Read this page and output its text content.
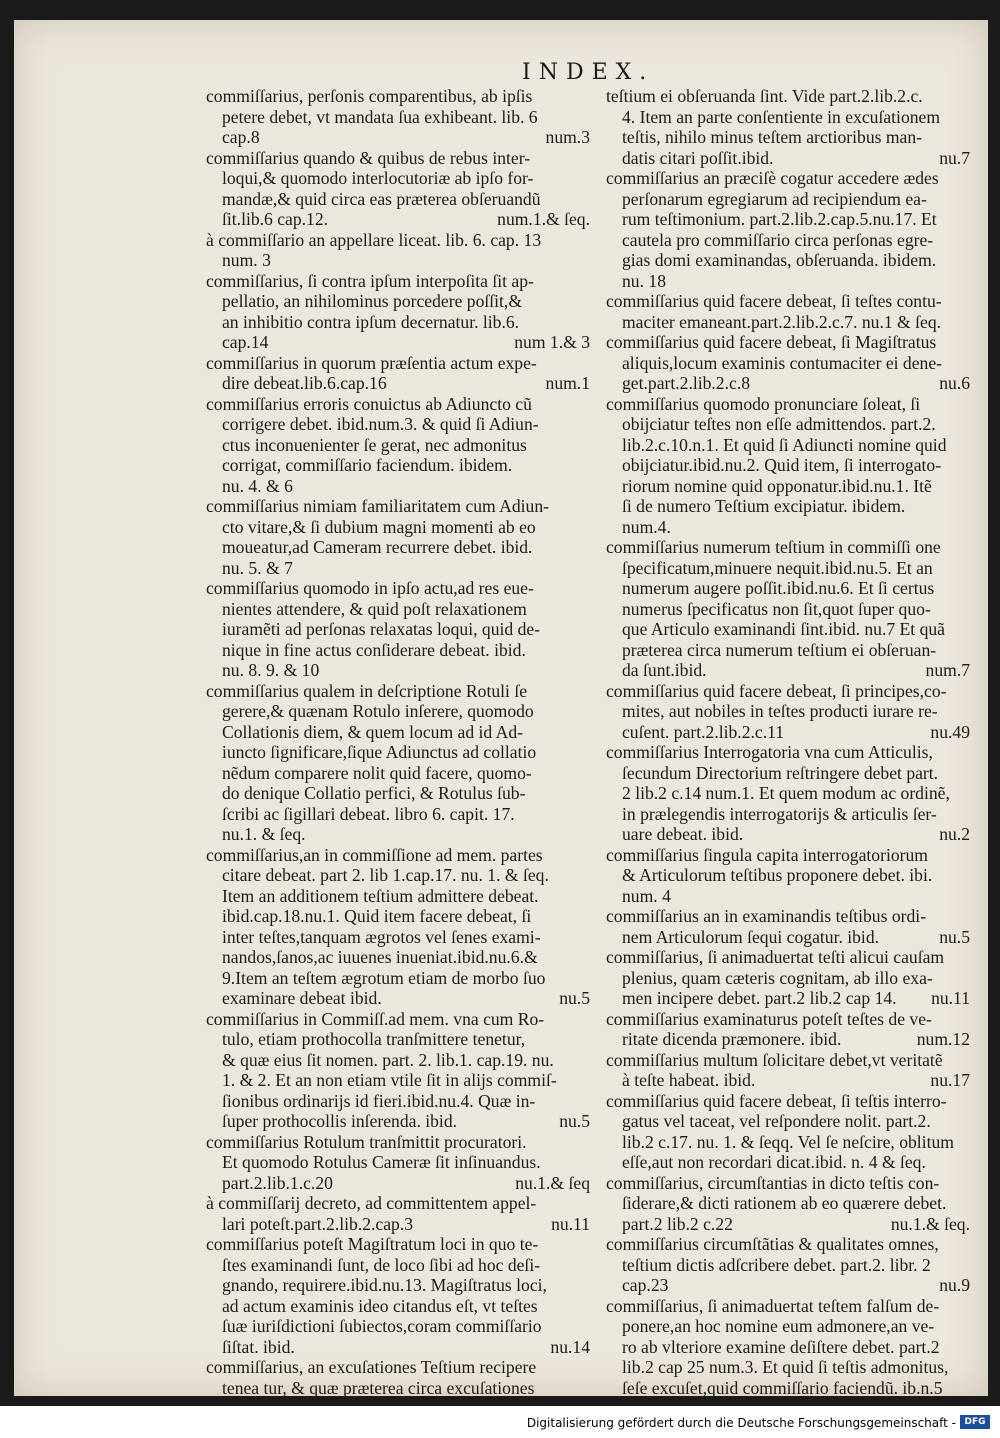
INDEX.
commiſſarius, perſonis comparentibus, ab ipſis
petere debet, vt mandata ſua exhibeant. lib. 6
cap.8	num.3
commiſſarius quando & quibus de rebus inter-
loqui,& quomodo interlocutoriæ ab ipſo for-
mandæ,& quid circa eas præterea obſeruandũ
ſit.lib.6 cap.12.	num.1.& ſeq.
à commiſſario an appellare liceat. lib. 6. cap. 13
num. 3
commiſſarius, ſi contra ipſum interpoſita ſit ap-
pellatio, an nihilominus porcedere poſſit,&
an inhibitio contra ipſum decernatur. lib.6.
cap.14	num 1.& 3
commiſſarius in quorum præſentia actum expe-
dire debeat.lib.6.cap.16	num.1
commiſſarius erroris conuictus ab Adiuncto cũ
corrigere debet. ibid.num.3. & quid ſi Adiun-
ctus inconuenienter ſe gerat, nec admonitus
corrigat, commiſſario faciendum. ibidem.
nu. 4. & 6
commiſſarius nimiam familiaritatem cum Adiun-
cto vitare,& ſi dubium magni momenti ab eo
moueatur,ad Cameram recurrere debet. ibid.
nu. 5. & 7
commiſſarius quomodo in ipſo actu,ad res eue-
nientes attendere, & quid poſt relaxationem
iuramẽti ad perſonas relaxatas loqui, quid de-
nique in fine actus conſiderare debeat. ibid.
nu. 8. 9. & 10
commiſſarius qualem in deſcriptione Rotuli ſe
gerere,& quænam Rotulo inſerere, quomodo
Collationis diem, & quem locum ad id Ad-
iuncto ſignificare,ſique Adiunctus ad collatio
nẽdum comparere nolit quid facere, quomo-
do denique Collatio perfici, & Rotulus ſub-
ſcribi ac ſigillari debeat. libro 6. capit. 17.
nu.1. & ſeq.
commiſſarius,an in commiſſione ad mem. partes
citare debeat. part 2. lib 1.cap.17. nu. 1. & ſeq.
Item an additionem teſtium admittere debeat.
ibid.cap.18.nu.1. Quid item facere debeat, ſi
inter teſtes,tanquam ægrotos vel ſenes exami-
nandos,ſanos,ac iuuenes inueniat.ibid.nu.6.&
9.Item an teſtem ægrotum etiam de morbo ſuo
examinare debeat ibid.	nu.5
commiſſarius in Commiſſ.ad mem. vna cum Ro-
tulo, etiam prothocolla tranſmittere tenetur,
& quæ eius ſit nomen. part. 2. lib.1. cap.19. nu.
1. & 2. Et an non etiam vtile ſit in alijs commiſ-
ſionibus ordinarijs id fieri.ibid.nu.4. Quæ in-
ſuper prothocollis inſerenda. ibid.	nu.5
commiſſarius Rotulum tranſmittit procuratori.
Et quomodo Rotulus Cameræ ſit inſinuandus.
part.2.lib.1.c.20	nu.1.& ſeq
à commiſſarij decreto, ad committentem appel-
lari poteſt.part.2.lib.2.cap.3	nu.11
commiſſarius poteſt Magiſtratum loci in quo te-
ſtes examinandi ſunt, de loco ſibi ad hoc deſi-
gnando, requirere.ibid.nu.13. Magiſtratus loci,
ad actum examinis ideo citandus eſt, vt teſtes
ſuæ iuriſdictioni ſubiectos,coram commiſſario
ſiſtat. ibid.	nu.14
commiſſarius, an excuſationes Teſtium recipere
tenea tur, & quæ præterea circa excuſationes
teſtium ei obſeruanda ſint. Vide part.2.lib.2.c.
4. Item an parte conſentiente in excuſationem
teſtis, nihilo minus teſtem arctioribus man-
datis citari poſſit.ibid.	nu.7
commiſſarius an præciſè cogatur accedere ædes
perſonarum egregiarum ad recipiendum ea-
rum teſtimonium. part.2.lib.2.cap.5.nu.17. Et
cautela pro commiſſario circa perſonas egre-
gias domi examinandas, obſeruanda. ibidem.
nu. 18
commiſſarius quid facere debeat, ſi teſtes contu-
maciter emaneant.part.2.lib.2.c.7. nu.1 & ſeq.
commiſſarius quid facere debeat, ſi Magiſtratus
aliquis,locum examinis contumaciter ei dene-
get.part.2.lib.2.c.8	nu.6
commiſſarius quomodo pronunciare ſoleat, ſi
obijciatur teſtes non eſſe admittendos. part.2.
lib.2.c.10.n.1. Et quid ſi Adiuncti nomine quid
obijciatur.ibid.nu.2. Quid item, ſi interrogato-
riorum nomine quid opponatur.ibid.nu.1. Itẽ
ſi de numero Teſtium excipiatur. ibidem.
num.4.
commiſſarius numerum teſtium in commiſſi one
ſpecificatum,minuere nequit.ibid.nu.5. Et an
numerum augere poſſit.ibid.nu.6. Et ſi certus
numerus ſpecificatus non ſit,quot ſuper quo-
que Articulo examinandi ſint.ibid. nu.7 Et quã
præterea circa numerum teſtium ei obſeruan-
da ſunt.ibid.	num.7
commiſſarius quid facere debeat, ſi principes,co-
mites, aut nobiles in teſtes producti iurare re-
cuſent. part.2.lib.2.c.11	nu.49
commiſſarius Interrogatoria vna cum Atticulis,
ſecundum Directorium reſtringere debet part.
2 lib.2 c.14 num.1. Et quem modum ac ordinẽ,
in prælegendis interrogatorijs & articulis ſer-
uare debeat. ibid.	nu.2
commiſſarius ſingula capita interrogatoriorum
& Articulorum teſtibus proponere debet. ibi.
num. 4
commiſſarius an in examinandis teſtibus ordi-
nem Articulorum ſequi cogatur. ibid.	nu.5
commiſſarius, ſi animaduertat teſti alicui cauſam
plenius, quam cæteris cognitam, ab illo exa-
men incipere debet. part.2 lib.2 cap 14.	nu.11
commiſſarius examinaturus poteſt teſtes de ve-
ritate dicenda præmonere. ibid.	num.12
commiſſarius multum ſolicitare debet,vt veritatẽ
à teſte habeat. ibid.	nu.17
commiſſarius quid facere debeat, ſi teſtis interro-
gatus vel taceat, vel reſpondere nolit. part.2.
lib.2 c.17. nu. 1. & ſeqq. Vel ſe neſcire, oblitum
eſſe,aut non recordari dicat.ibid. n. 4 & ſeq.
commiſſarius, circumſtantias in dicto teſtis con-
ſiderare,& dicti rationem ab eo quærere debet.
part.2 lib.2 c.22	nu.1.& ſeq.
commiſſarius circumſtãtias & qualitates omnes,
teſtium dictis adſcribere debet. part.2. libr. 2
cap.23	nu.9
commiſſarius, ſi animaduertat teſtem falſum de-
ponere,an hoc nomine eum admonere,an ve-
ro ab vlteriore examine deſiſtere debet. part.2
lib.2 cap 25 num.3. Et quid ſi teſtis admonitus,
ſeſe excuſet,quid commiſſario faciendũ. ib.n.5

Digitalisierung gefördert durch die Deutsche Forschungsgemeinschaft - DFG
